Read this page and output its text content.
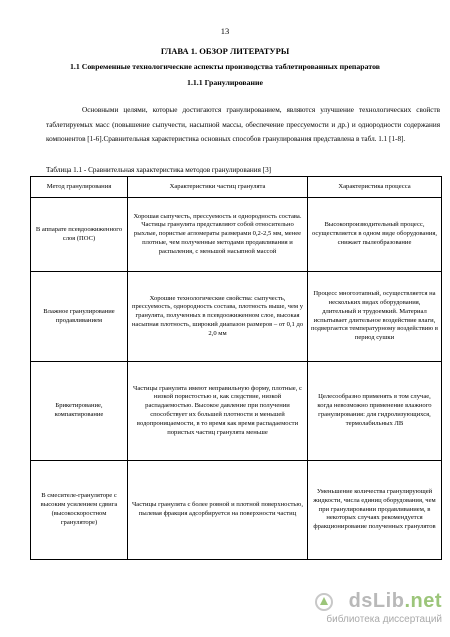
13
ГЛАВА 1. ОБЗОР ЛИТЕРАТУРЫ
1.1 Современные технологические аспекты производства таблетированных препаратов
1.1.1 Гранулирование
Основными целями, которые достигаются гранулированием, являются улучшение технологических свойств таблетируемых масс (повышение сыпучести, насыпной массы, обеспечение прессуемости и др.) и однородности содержания компонентов [1-6].Сравнительная характеристика основных способов гранулирования представлена в табл. 1.1 [1-8].
Таблица 1.1 - Сравнительная характеристика методов гранулирования [3]
Метод гранулирования	Характеристики частиц гранулята	Характеристика процесса
В аппарате псевдоожиженного слоя (ПОС)	Хорошая сыпучесть, прессуемость и однородность состава. Частицы гранулята представляют собой относительно рыхлые, пористые агломераты размерами 0,2-2,5 мм, менее плотные, чем полученные методами продавливания и распыления, с меньшой насыпной массой	Высокопроизводительный процесс, осуществляется в одном виде оборудования, снижает пылеобразование
Влажное гранулирование продавливанием	Хорошие технологические свойства: сыпучесть, прессуемость, однородность состава, плотность выше, чем у гранулята, полученных в псевдоожиженном слое, высокая насыпная плотность, широкий диапазон размеров – от 0,1 до 2,0 мм	Процесс многоэтапный, осуществляется на нескольких видах оборудования, длительный и трудоемкий. Материал испытывает длительное воздействие влаги, подвергается температурному воздействию в период сушки
Брикетирование, компактирование	Частицы гранулята имеют неправильную форму, плотные, с низкой пористостью и, как следствие, низкой распадаемостью. Высокое давление при получении способствует их большей плотности и меньшей водопроницаемости, в то время как время распадаемости пористых частиц гранулята меньше	Целесообразно применять в том случае, когда невозможно применение влажного гранулирования: для гидролизующихся, термолабильных ЛВ
В смесителе-грануляторе с высоким усилением сдвига (высокоскоростном грануляторе)	Частицы гранулята с более ровной и плотной поверхностью, пылевая фракция адсорбируется на поверхности частиц	Уменьшение количества гранулирующей жидкости, числа единиц оборудования, чем при гранулировании продавливанием, в некоторых случаях рекомендуется фракционирование полученных гранулятов
dsLib.net
библиотека диссертаций
